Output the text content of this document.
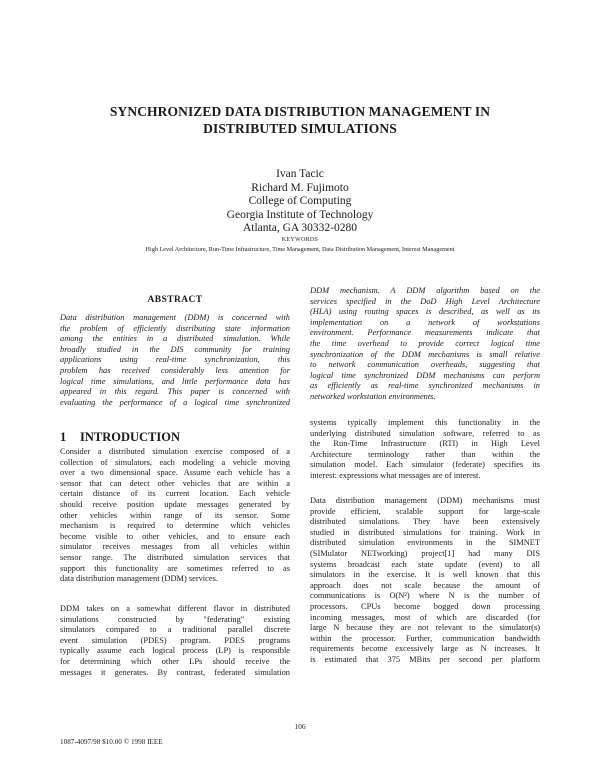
SYNCHRONIZED DATA DISTRIBUTION MANAGEMENT IN
DISTRIBUTED SIMULATIONS
Ivan Tacic
Richard M. Fujimoto
College of Computing
Georgia Institute of Technology
Atlanta, GA 30332-0280
KEYWORDS
High Level Architecture, Run-Time Infrastructure, Time Management, Data Distribution Management, Interest Management
ABSTRACT
Data distribution management (DDM) is concerned with
the problem of efficiently distributing state information
among the entities in a distributed simulation. While
broadly studied in the DIS community for training
applications using real-time synchronization, this
problem has received considerably less attention for
logical time simulations, and little performance data has
appeared in this regard. This paper is concerned with
evaluating the performance of a logical time synchronized
DDM mechanism. A DDM algorithm based on the
services specified in the DoD High Level Architecture
(HLA) using routing spaces is described, as well as its
implementation on a network of workstations
environment. Performance measurements indicate that
the time overhead to provide correct logical time
synchronization of the DDM mechanisms is small relative
to network communication overheads, suggesting that
logical time synchronized DDM mechanisms can perform
as efficiently as real-time synchronized mechanisms in
networked workstation environments.
1 INTRODUCTION
Consider a distributed simulation exercise composed of a
collection of simulators, each modeling a vehicle moving
over a two dimensional space. Assume each vehicle has a
sensor that can detect other vehicles that are within a
certain distance of its current location. Each vehicle
should receive position update messages generated by
other vehicles within range of its sensor. Some
mechanism is required to determine which vehicles
become visible to other vehicles, and to ensure each
simulator receives messages from all vehicles within
sensor range. The distributed simulation services that
support this functionality are sometimes referred to as
data distribution management (DDM) services.
DDM takes on a somewhat different flavor in distributed
simulations constructed by "federating" existing
simulators compared to a traditional parallel discrete
event simulation (PDES) program. PDES programs
typically assume each logical process (LP) is responsible
for determining which other LPs should receive the
messages it generates. By contrast, federated simulation
systems typically implement this functionality in the
underlying distributed simulation software, referred to as
the Run-Time Infrastructure (RTI) in High Level
Architecture terminology rather than within the
simulation model. Each simulator (federate) specifies its
interest: expressions what messages are of interest.
Data distribution management (DDM) mechanisms must
provide efficient, scalable support for large-scale
distributed simulations. They have been extensively
studied in distributed simulations for training. Work in
distributed simulation environments in the SIMNET
(SIMulator NETworking) project[1] had many DIS
systems broadcast each state update (event) to all
simulators in the exercise. It is well known that this
approach does not scale because the amount of
communications is O(N²) where N is the number of
processors. CPUs become bogged down processing
incoming messages, most of which are discarded (for
large N because they are not relevant to the simulator(s)
within the processor. Further, communication bandwidth
requirements become excessively large as N increases. It
is estimated that 375 MBits per second per platform
106
1087-4097/98 $10.00 © 1998 IEEE
